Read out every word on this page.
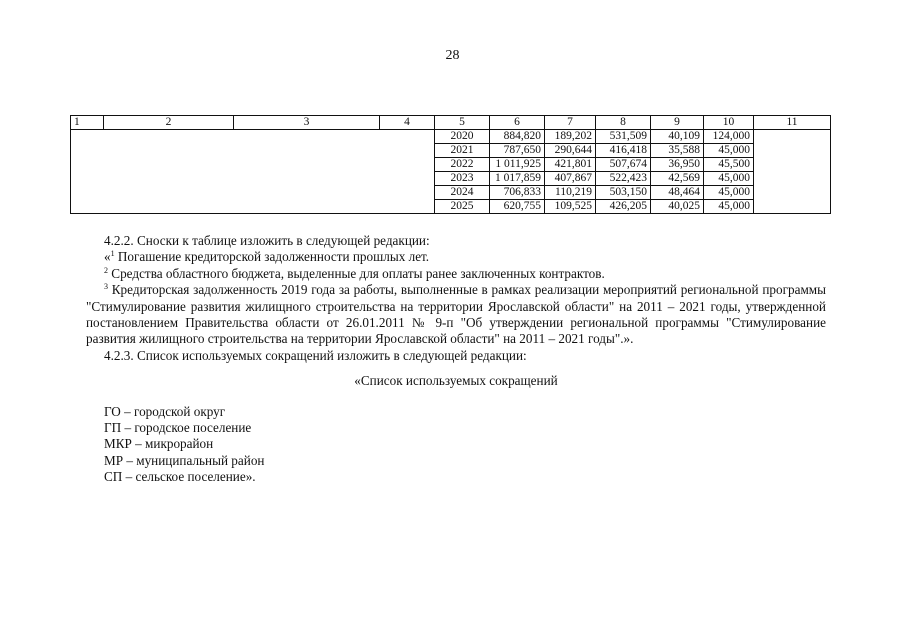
28
1	2	3	4	5	6	7	8	9	10	11
				2020	884,820	189,202	531,509	40,109	124,000	
				2021	787,650	290,644	416,418	35,588	45,000	
				2022	1 011,925	421,801	507,674	36,950	45,500	
				2023	1 017,859	407,867	522,423	42,569	45,000	
				2024	706,833	110,219	503,150	48,464	45,000	
				2025	620,755	109,525	426,205	40,025	45,000	

4.2.2. Сноски к таблице изложить в следующей редакции:

«$^1$ Погашение кредиторской задолженности прошлых лет.

$^2$ Средства областного бюджета, выделенные для оплаты ранее заключенных контрактов.

$^3$ Кредиторская задолженность 2019 года за работы, выполненные в рамках реализации мероприятий региональной программы "Стимулирование развития жилищного строительства на территории Ярославской области" на 2011 – 2021 годы, утвержденной постановлением Правительства области от 26.01.2011 № 9-п "Об утверждении региональной программы "Стимулирование развития жилищного строительства на территории Ярославской области" на 2011 – 2021 годы".».

4.2.3. Список используемых сокращений изложить в следующей редакции:

«Список используемых сокращений

ГО – городской округ

ГП – городское поселение

МКР – микрорайон

МР – муниципальный район

СП – сельское поселение».
